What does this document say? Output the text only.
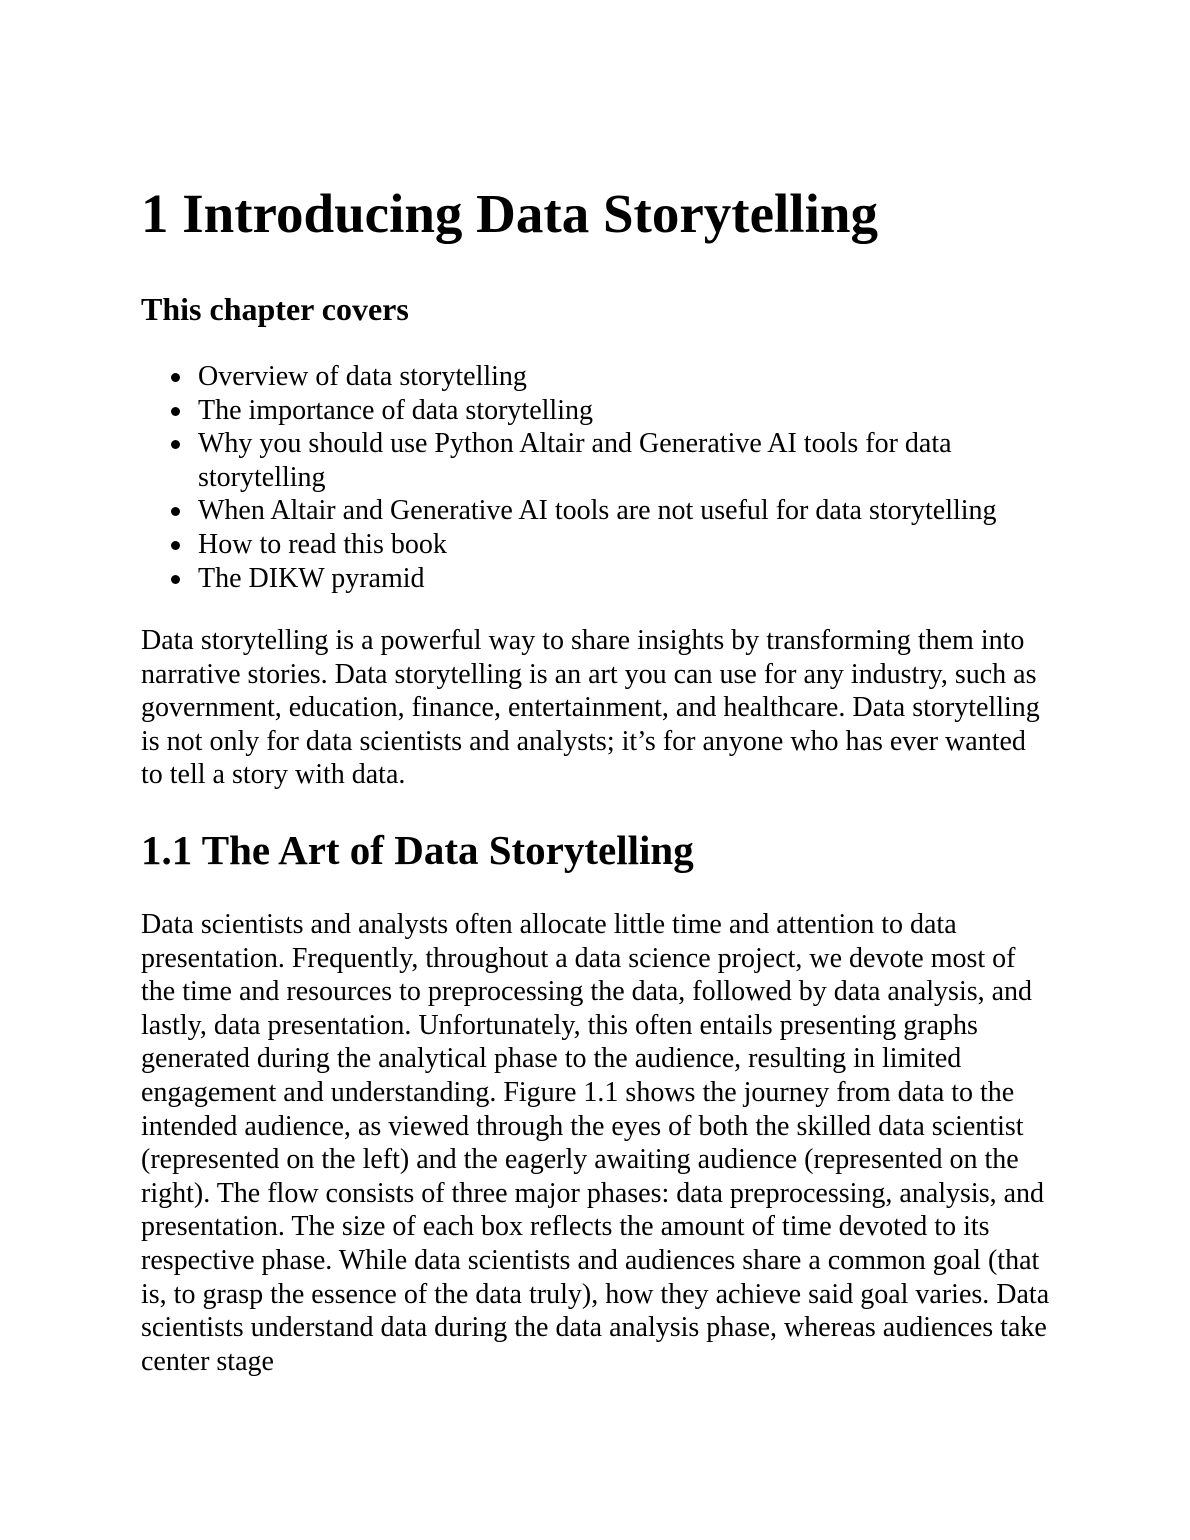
1 Introducing Data Storytelling
This chapter covers
Overview of data storytelling
The importance of data storytelling
Why you should use Python Altair and Generative AI tools for data storytelling
When Altair and Generative AI tools are not useful for data storytelling
How to read this book
The DIKW pyramid

Data storytelling is a powerful way to share insights by transforming them into narrative stories. Data storytelling is an art you can use for any industry, such as government, education, finance, entertainment, and healthcare. Data storytelling is not only for data scientists and analysts; it’s for anyone who has ever wanted to tell a story with data.

1.1 The Art of Data Storytelling

Data scientists and analysts often allocate little time and attention to data presentation. Frequently, throughout a data science project, we devote most of the time and resources to preprocessing the data, followed by data analysis, and lastly, data presentation. Unfortunately, this often entails presenting graphs generated during the analytical phase to the audience, resulting in limited engagement and understanding. Figure 1.1 shows the journey from data to the intended audience, as viewed through the eyes of both the skilled data scientist (represented on the left) and the eagerly awaiting audience (represented on the right). The flow consists of three major phases: data preprocessing, analysis, and presentation. The size of each box reflects the amount of time devoted to its respective phase. While data scientists and audiences share a common goal (that is, to grasp the essence of the data truly), how they achieve said goal varies. Data scientists understand data during the data analysis phase, whereas audiences take center stage
